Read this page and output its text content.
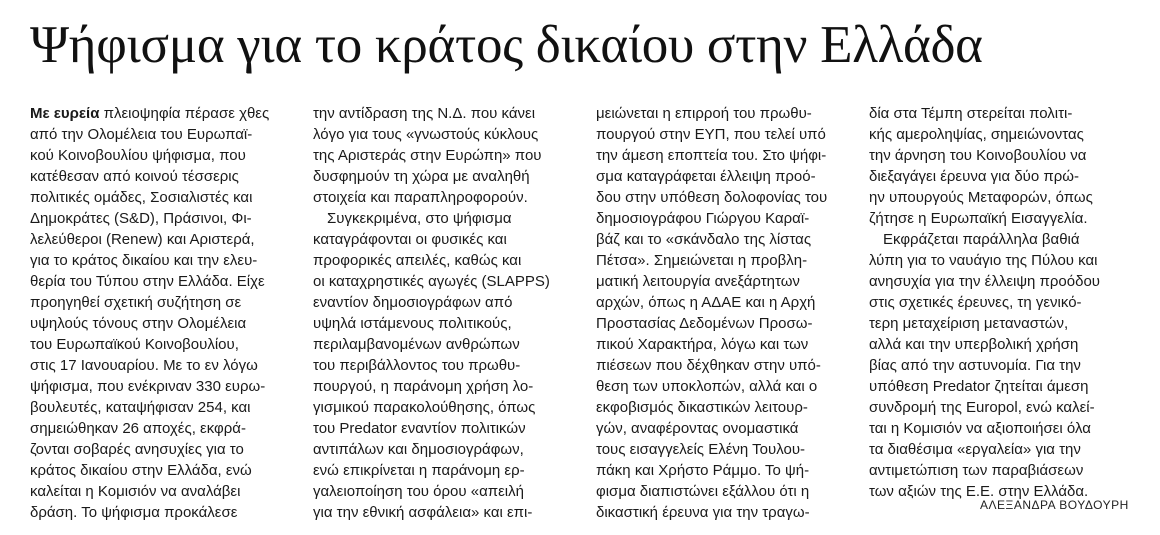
Ψήφισμα για το κράτος δικαίου στην Ελλάδα
Με ευρεία πλειοψηφία πέρασε χθες
από την Ολομέλεια του Ευρωπαϊ-
κού Κοινοβουλίου ψήφισμα, που
κατέθεσαν από κοινού τέσσερις
πολιτικές ομάδες, Σοσιαλιστές και
Δημοκράτες (S&D), Πράσινοι, Φι-
λελεύθεροι (Renew) και Αριστερά,
για το κράτος δικαίου και την ελευ-
θερία του Τύπου στην Ελλάδα. Είχε
προηγηθεί σχετική συζήτηση σε
υψηλούς τόνους στην Ολομέλεια
του Ευρωπαϊκού Κοινοβουλίου,
στις 17 Ιανουαρίου. Με το εν λόγω
ψήφισμα, που ενέκριναν 330 ευρω-
βουλευτές, καταψήφισαν 254, και
σημειώθηκαν 26 αποχές, εκφρά-
ζονται σοβαρές ανησυχίες για το
κράτος δικαίου στην Ελλάδα, ενώ
καλείται η Κομισιόν να αναλάβει
δράση. Το ψήφισμα προκάλεσε
την αντίδραση της Ν.Δ. που κάνει
λόγο για τους «γνωστούς κύκλους
της Αριστεράς στην Ευρώπη» που
δυσφημούν τη χώρα με αναληθή
στοιχεία και παραπληροφορούν.
Συγκεκριμένα, στο ψήφισμα
καταγράφονται οι φυσικές και
προφορικές απειλές, καθώς και
οι καταχρηστικές αγωγές (SLAPPS)
εναντίον δημοσιογράφων από
υψηλά ιστάμενους πολιτικούς,
περιλαμβανομένων ανθρώπων
του περιβάλλοντος του πρωθυ-
πουργού, η παράνομη χρήση λο-
γισμικού παρακολούθησης, όπως
του Predator εναντίον πολιτικών
αντιπάλων και δημοσιογράφων,
ενώ επικρίνεται η παράνομη ερ-
γαλειοποίηση του όρου «απειλή
για την εθνική ασφάλεια» και επι-
μειώνεται η επιρροή του πρωθυ-
πουργού στην ΕΥΠ, που τελεί υπό
την άμεση εποπτεία του. Στο ψήφι-
σμα καταγράφεται έλλειψη προό-
δου στην υπόθεση δολοφονίας του
δημοσιογράφου Γιώργου Καραϊ-
βάζ και το «σκάνδαλο της λίστας
Πέτσα». Σημειώνεται η προβλη-
ματική λειτουργία ανεξάρτητων
αρχών, όπως η ΑΔΑΕ και η Αρχή
Προστασίας Δεδομένων Προσω-
πικού Χαρακτήρα, λόγω και των
πιέσεων που δέχθηκαν στην υπό-
θεση των υποκλοπών, αλλά και ο
εκφοβισμός δικαστικών λειτουρ-
γών, αναφέροντας ονομαστικά
τους εισαγγελείς Ελένη Τουλου-
πάκη και Χρήστο Ράμμο. Το ψή-
φισμα διαπιστώνει εξάλλου ότι η
δικαστική έρευνα για την τραγω-
δία στα Τέμπη στερείται πολιτι-
κής αμεροληψίας, σημειώνοντας
την άρνηση του Κοινοβουλίου να
διεξαγάγει έρευνα για δύο πρώ-
ην υπουργούς Μεταφορών, όπως
ζήτησε η Ευρωπαϊκή Εισαγγελία.
Εκφράζεται παράλληλα βαθιά
λύπη για το ναυάγιο της Πύλου και
ανησυχία για την έλλειψη προόδου
στις σχετικές έρευνες, τη γενικό-
τερη μεταχείριση μεταναστών,
αλλά και την υπερβολική χρήση
βίας από την αστυνομία. Για την
υπόθεση Predator ζητείται άμεση
συνδρομή της Europol, ενώ καλεί-
ται η Κομισιόν να αξιοποιήσει όλα
τα διαθέσιμα «εργαλεία» για την
αντιμετώπιση των παραβιάσεων
των αξιών της Ε.Ε. στην Ελλάδα.
ΑΛΕΞΑΝΔΡΑ ΒΟΥΔΟΥΡΗ
